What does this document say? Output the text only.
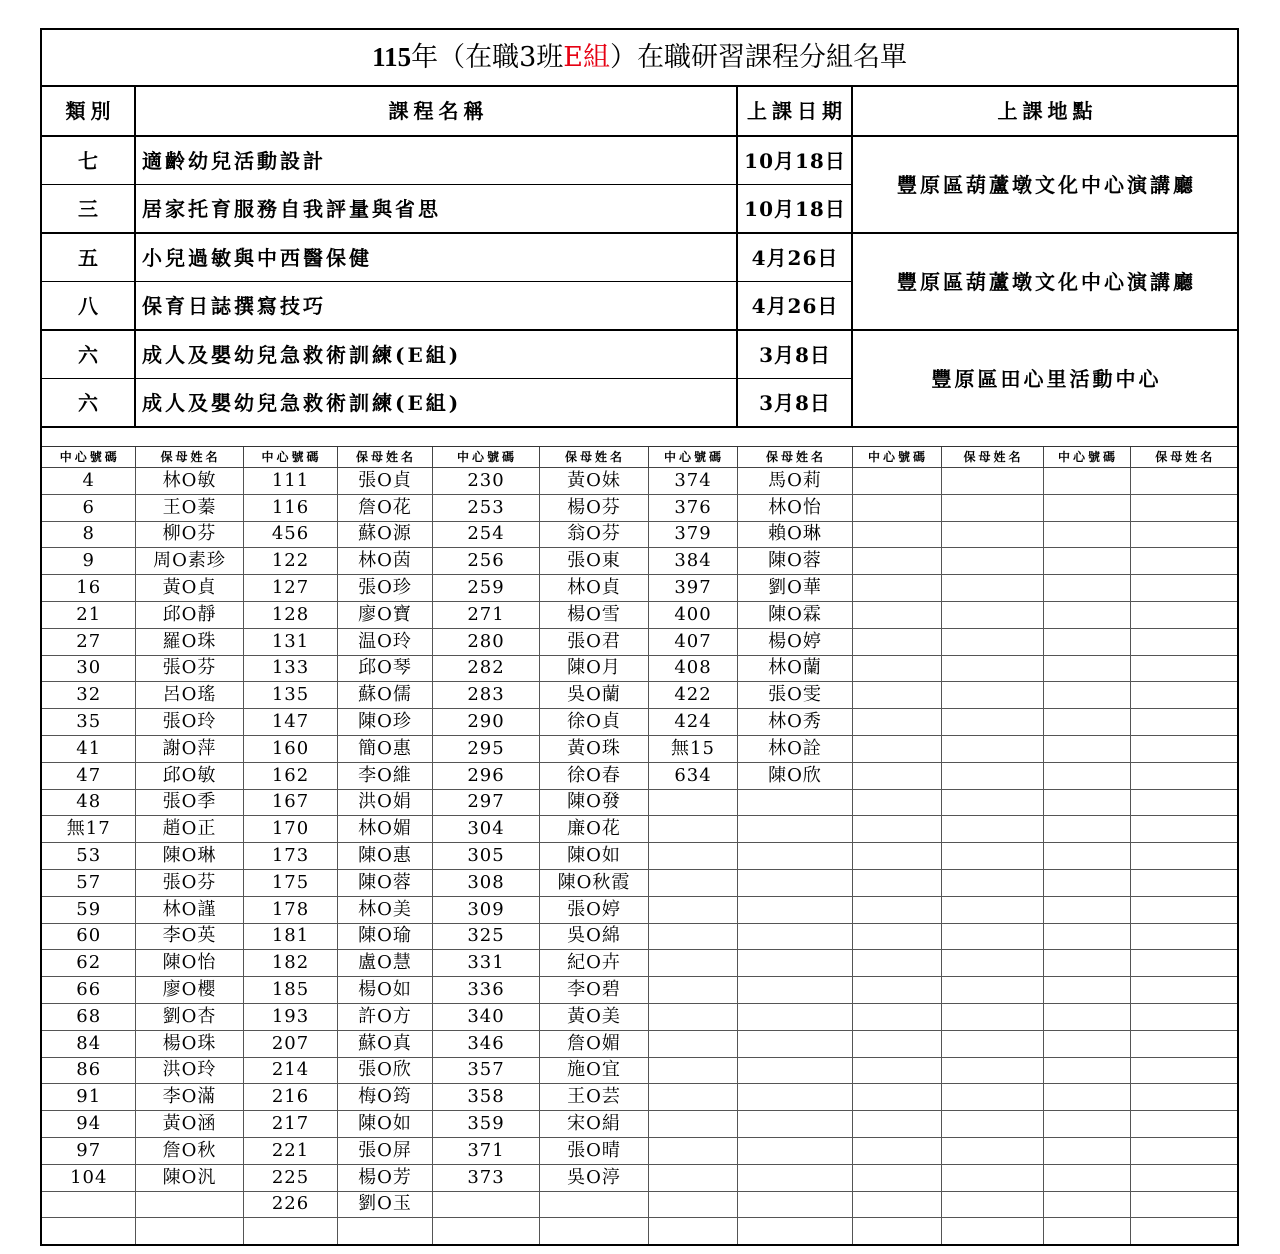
115年（在職3班E組）在職研習課程分組名單											
類別	課程名稱						上課日期	上課地點			
七	適齡幼兒活動設計						10月18日	豐原區葫蘆墩文化中心演講廳			
三	居家托育服務自我評量與省思						10月18日				
五	小兒過敏與中西醫保健						4月26日	豐原區葫蘆墩文化中心演講廳			
八	保育日誌撰寫技巧						4月26日				
六	成人及嬰幼兒急救術訓練(E組)						3月8日	豐原區田心里活動中心			
六	成人及嬰幼兒急救術訓練(E組)						3月8日				

中心號碼	保母姓名	中心號碼	保母姓名	中心號碼	保母姓名	中心號碼	保母姓名	中心號碼	保母姓名	中心號碼	保母姓名
4	林O敏	111	張O貞	230	黃O妹	374	馬O莉				
6	王O蓁	116	詹O花	253	楊O芬	376	林O怡				
8	柳O芬	456	蘇O源	254	翁O芬	379	賴O琳				
9	周O素珍	122	林O茵	256	張O東	384	陳O蓉				
16	黃O貞	127	張O珍	259	林O貞	397	劉O華				
21	邱O靜	128	廖O寶	271	楊O雪	400	陳O霖				
27	羅O珠	131	温O玲	280	張O君	407	楊O婷				
30	張O芬	133	邱O琴	282	陳O月	408	林O蘭				
32	呂O瑤	135	蘇O儒	283	吳O蘭	422	張O雯				
35	張O玲	147	陳O珍	290	徐O貞	424	林O秀				
41	謝O萍	160	簡O惠	295	黃O珠	無15	林O詮				
47	邱O敏	162	李O維	296	徐O春	634	陳O欣				
48	張O季	167	洪O娟	297	陳O發						
無17	趙O正	170	林O媚	304	廉O花						
53	陳O琳	173	陳O惠	305	陳O如						
57	張O芬	175	陳O蓉	308	陳O秋霞						
59	林O謹	178	林O美	309	張O婷						
60	李O英	181	陳O瑜	325	吳O綿						
62	陳O怡	182	盧O慧	331	紀O卉						
66	廖O櫻	185	楊O如	336	李O碧						
68	劉O杏	193	許O方	340	黃O美						
84	楊O珠	207	蘇O真	346	詹O媚						
86	洪O玲	214	張O欣	357	施O宜						
91	李O滿	216	梅O筠	358	王O芸						
94	黃O涵	217	陳O如	359	宋O絹						
97	詹O秋	221	張O屏	371	張O晴						
104	陳O汎	225	楊O芳	373	吳O渟						
		226	劉O玉								
